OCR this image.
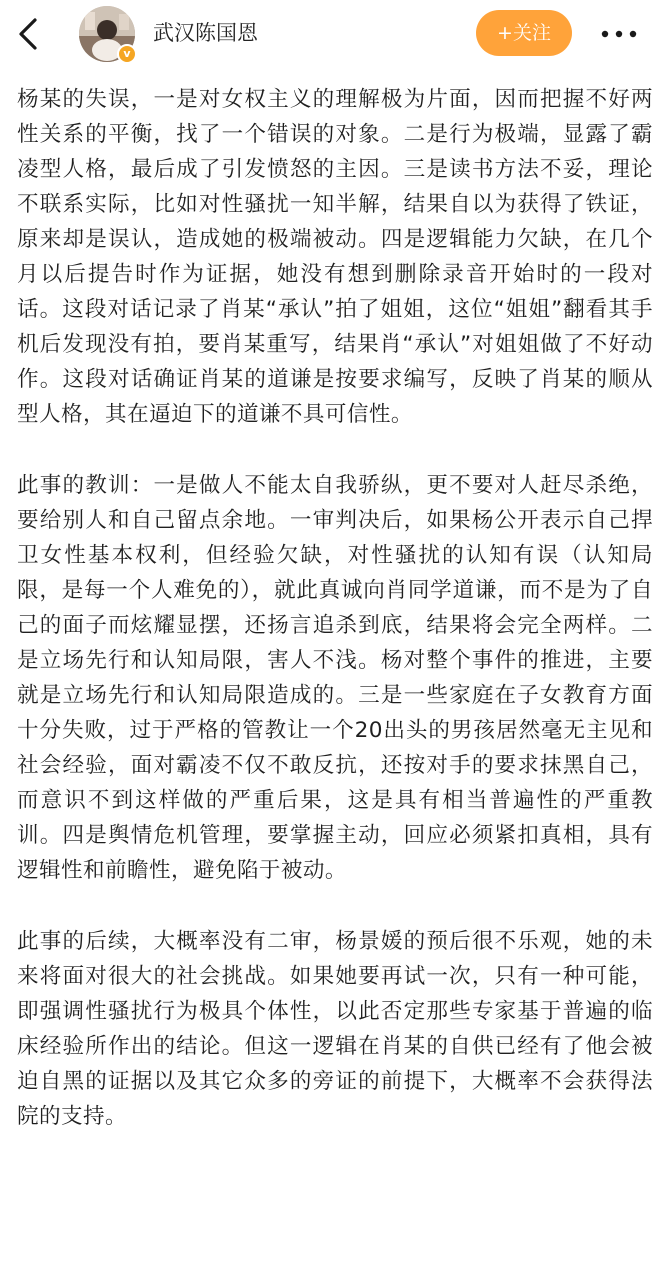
v
武汉陈国恩	+关注

杨某的失误，一是对女权主义的理解极为片面，因而把握不好两性关系的平衡，找了一个错误的对象。二是行为极端，显露了霸凌型人格，最后成了引发愤怒的主因。三是读书方法不妥，理论不联系实际，比如对性骚扰一知半解，结果自以为获得了铁证，原来却是误认，造成她的极端被动。四是逻辑能力欠缺，在几个月以后提告时作为证据，她没有想到删除录音开始时的一段对话。这段对话记录了肖某“承认”拍了姐姐，这位“姐姐”翻看其手机后发现没有拍，要肖某重写，结果肖“承认”对姐姐做了不好动作。这段对话确证肖某的道谦是按要求编写，反映了肖某的顺从型人格，其在逼迫下的道谦不具可信性。

此事的教训：一是做人不能太自我骄纵，更不要对人赶尽杀绝，要给别人和自己留点余地。一审判决后，如果杨公开表示自己捍卫女性基本权利，但经验欠缺，对性骚扰的认知有误（认知局限，是每一个人难免的），就此真诚向肖同学道谦，而不是为了自己的面子而炫耀显摆，还扬言追杀到底，结果将会完全两样。二是立场先行和认知局限，害人不浅。杨对整个事件的推进，主要就是立场先行和认知局限造成的。三是一些家庭在子女教育方面十分失败，过于严格的管教让一个20出头的男孩居然毫无主见和社会经验，面对霸凌不仅不敢反抗，还按对手的要求抹黑自己，而意识不到这样做的严重后果，这是具有相当普遍性的严重教训。四是舆情危机管理，要掌握主动，回应必须紧扣真相，具有逻辑性和前瞻性，避免陷于被动。

此事的后续，大概率没有二审，杨景媛的预后很不乐观，她的未来将面对很大的社会挑战。如果她要再试一次，只有一种可能，即强调性骚扰行为极具个体性，以此否定那些专家基于普遍的临床经验所作出的结论。但这一逻辑在肖某的自供已经有了他会被迫自黑的证据以及其它众多的旁证的前提下，大概率不会获得法院的支持。
